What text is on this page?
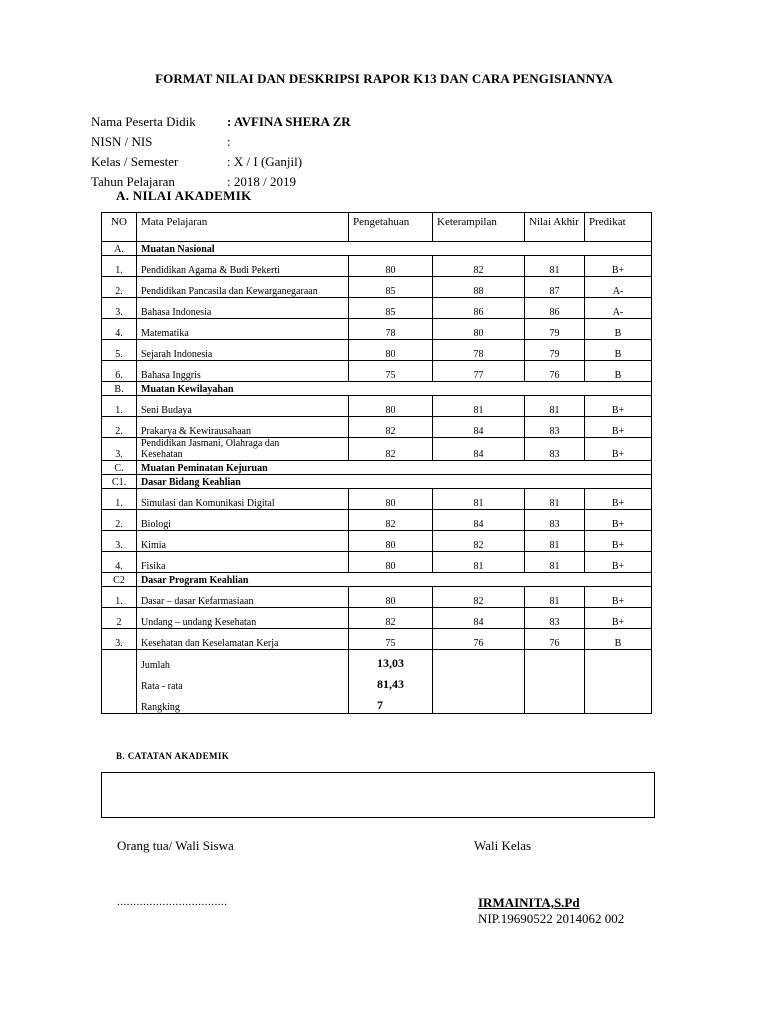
FORMAT NILAI DAN DESKRIPSI RAPOR K13 DAN CARA PENGISIANNYA
Nama Peserta Didik	: AVFINA SHERA ZR
NISN / NIS	:
Kelas / Semester	: X / I (Ganjil)
Tahun Pelajaran	: 2018 / 2019
A. NILAI AKADEMIK
NO	Mata Pelajaran	Pengetahuan	Keterampilan	Nilai Akhir	Predikat
A.	Muatan Nasional				
1.	Pendidikan Agama & Budi Pekerti	80	82	81	B+
2.	Pendidikan Pancasila dan Kewarganegaraan	85	88	87	A-
3.	Bahasa Indonesia	85	86	86	A-
4.	Matematika	78	80	79	B
5.	Sejarah Indonesia	80	78	79	B
6.	Bahasa Inggris	75	77	76	B
B.	Muatan Kewilayahan				
1.	Seni Budaya	80	81	81	B+
2.	Prakarya & Kewirausahaan	82	84	83	B+
3.	Pendidikan Jasmani, Olahraga dan Kesehatan	82	84	83	B+
C.	Muatan Peminatan Kejuruan				
C1.	Dasar Bidang Keahlian				
1.	Simulasi dan Komunikasi Digital	80	81	81	B+
2.	Biologi	82	84	83	B+
3.	Kimia	80	82	81	B+
4.	Fisika	80	81	81	B+
C2	Dasar Program Keahlian				
1.	Dasar – dasar Kefarmasiaan	80	82	81	B+
2	Undang – undang Kesehatan	82	84	83	B+
3.	Kesehatan dan Keselamatan Kerja	75	76	76	B
	Jumlah	13,03			
	Rata - rata	81,43			
	Rangking	7			
B. CATATAN AKADEMIK
Orang tua/ Wali Siswa	Wali Kelas
..................................	IRMAINITA,S.Pd
NIP.19690522 2014062 002
